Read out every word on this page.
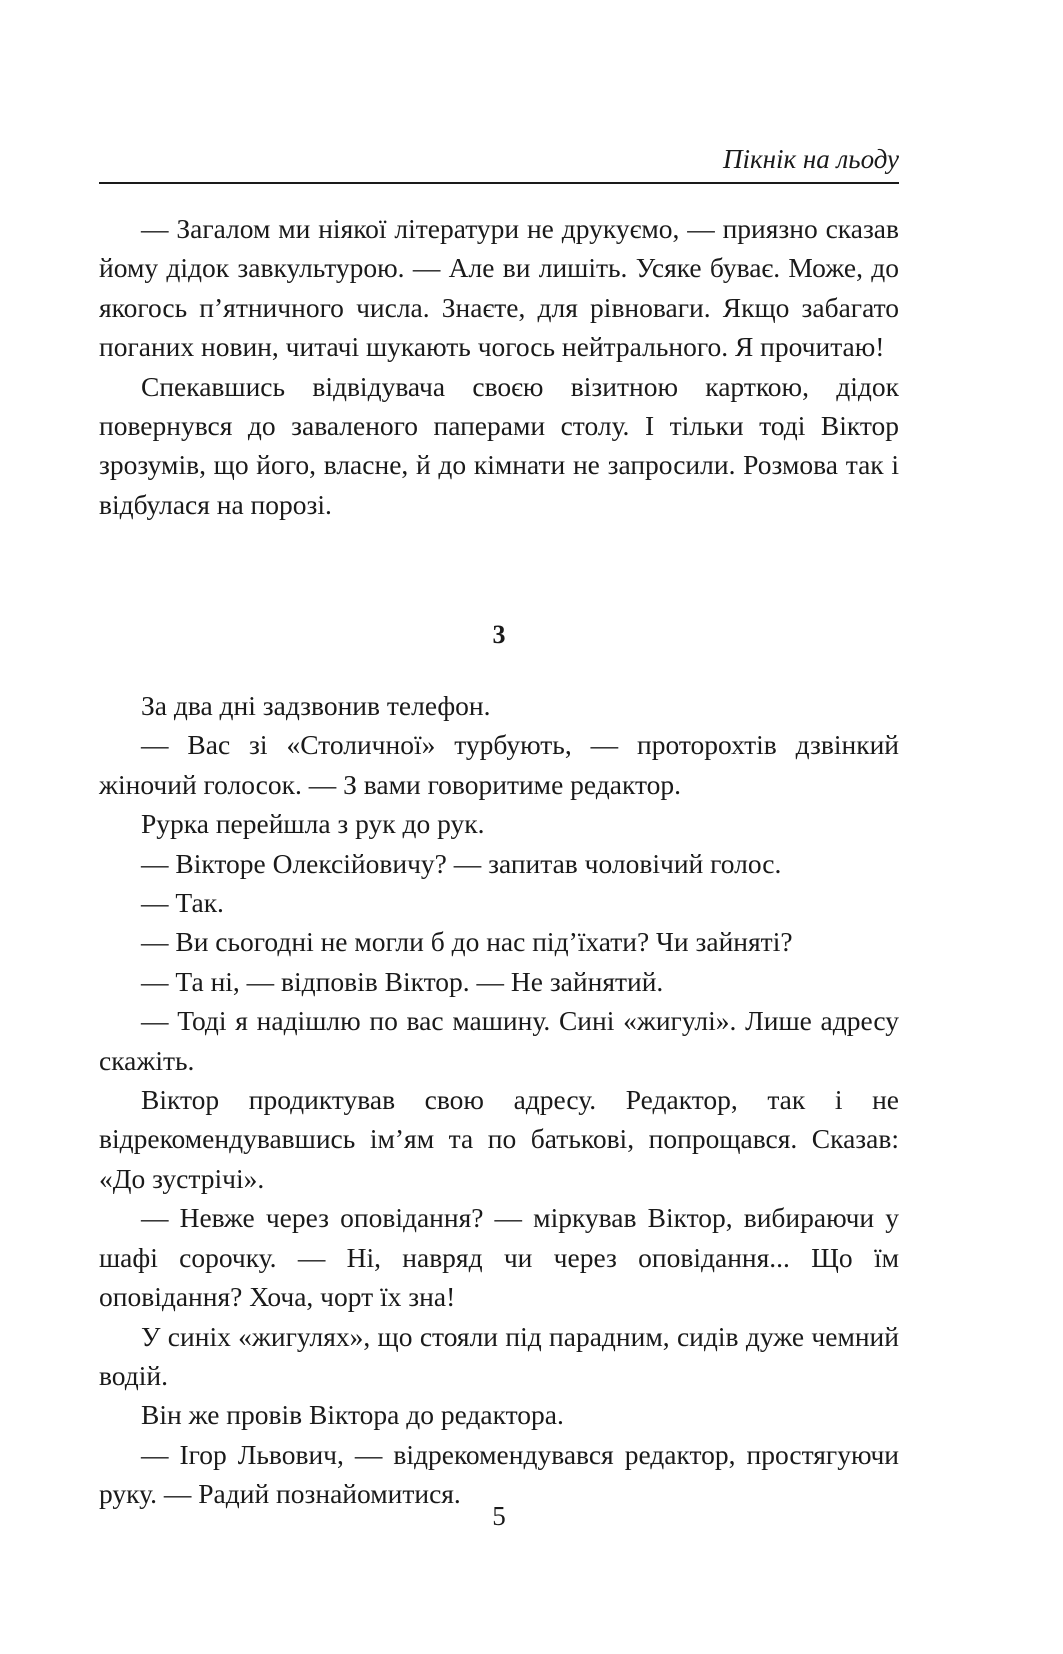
Пікнік на льоду

— Загалом ми ніякої літератури не друкуємо, — приязно сказав йому дідок завкультурою. — Але ви лишіть. Усяке буває. Може, до якогось п’ятничного числа. Знаєте, для рівноваги. Якщо забагато поганих новин, читачі шукають чогось нейтрального. Я прочитаю!

Спекавшись відвідувача своєю візитною карткою, дідок повернувся до заваленого паперами столу. І тільки тоді Віктор зрозумів, що його, власне, й до кімнати не запросили. Розмова так і відбулася на порозі.

3

За два дні задзвонив телефон.

— Вас зі «Столичної» турбують, — проторохтів дзвінкий жіночий голосок. — З вами говоритиме редактор.

Рурка перейшла з рук до рук.

— Вікторе Олексійовичу? — запитав чоловічий голос.

— Так.

— Ви сьогодні не могли б до нас під’їхати? Чи зайняті?

— Та ні, — відповів Віктор. — Не зайнятий.

— Тоді я надішлю по вас машину. Сині «жигулі». Лише адресу скажіть.

Віктор продиктував свою адресу. Редактор, так і не відрекомендувавшись ім’ям та по батькові, попрощався. Сказав: «До зустрічі».

— Невже через оповідання? — міркував Віктор, вибираючи у шафі сорочку. — Ні, навряд чи через оповідання... Що їм оповідання? Хоча, чорт їх зна!

У синіх «жигулях», що стояли під парадним, сидів дуже чемний водій.

Він же провів Віктора до редактора.

— Ігор Львович, — відрекомендувався редактор, простягуючи руку. — Радий познайомитися.

5
